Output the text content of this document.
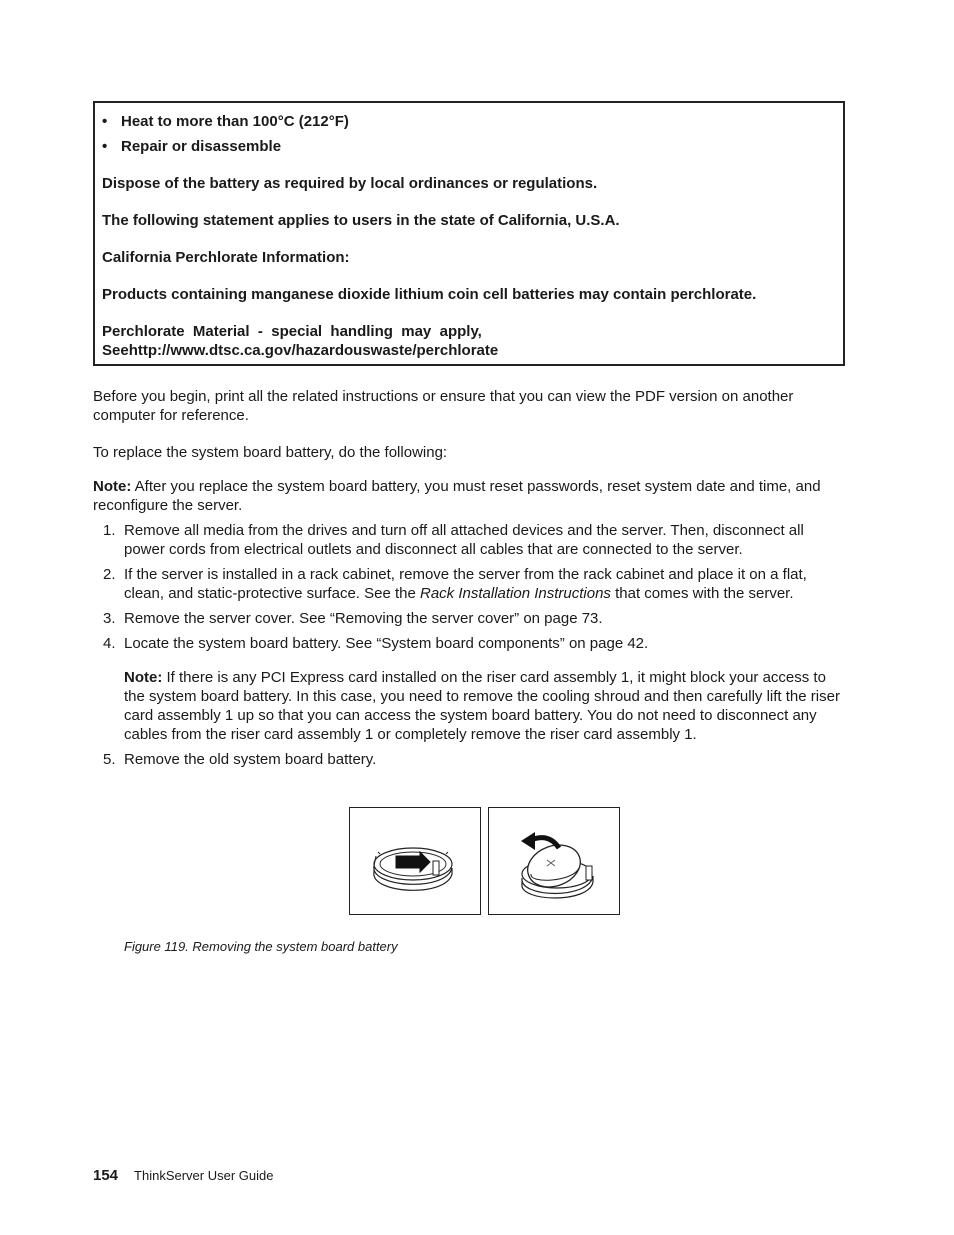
• Heat to more than 100°C (212°F)
• Repair or disassemble

Dispose of the battery as required by local ordinances or regulations.

The following statement applies to users in the state of California, U.S.A.

California Perchlorate Information:

Products containing manganese dioxide lithium coin cell batteries may contain perchlorate.

Perchlorate  Material  -  special  handling  may  apply,
Seehttp://www.dtsc.ca.gov/hazardouswaste/perchlorate

Before you begin, print all the related instructions or ensure that you can view the PDF version on another computer for reference.

To replace the system board battery, do the following:

Note: After you replace the system board battery, you must reset passwords, reset system date and time, and reconfigure the server.

1. Remove all media from the drives and turn off all attached devices and the server. Then, disconnect all power cords from electrical outlets and disconnect all cables that are connected to the server.
2. If the server is installed in a rack cabinet, remove the server from the rack cabinet and place it on a flat, clean, and static-protective surface. See the Rack Installation Instructions that comes with the server.
3. Remove the server cover. See “Removing the server cover” on page 73.
4. Locate the system board battery. See “System board components” on page 42.
Note: If there is any PCI Express card installed on the riser card assembly 1, it might block your access to the system board battery. In this case, you need to remove the cooling shroud and then carefully lift the riser card assembly 1 up so that you can access the system board battery. You do not need to disconnect any cables from the riser card assembly 1 or completely remove the riser card assembly 1.
5. Remove the old system board battery.
Figure 119. Removing the system board battery
154 ThinkServer User Guide
